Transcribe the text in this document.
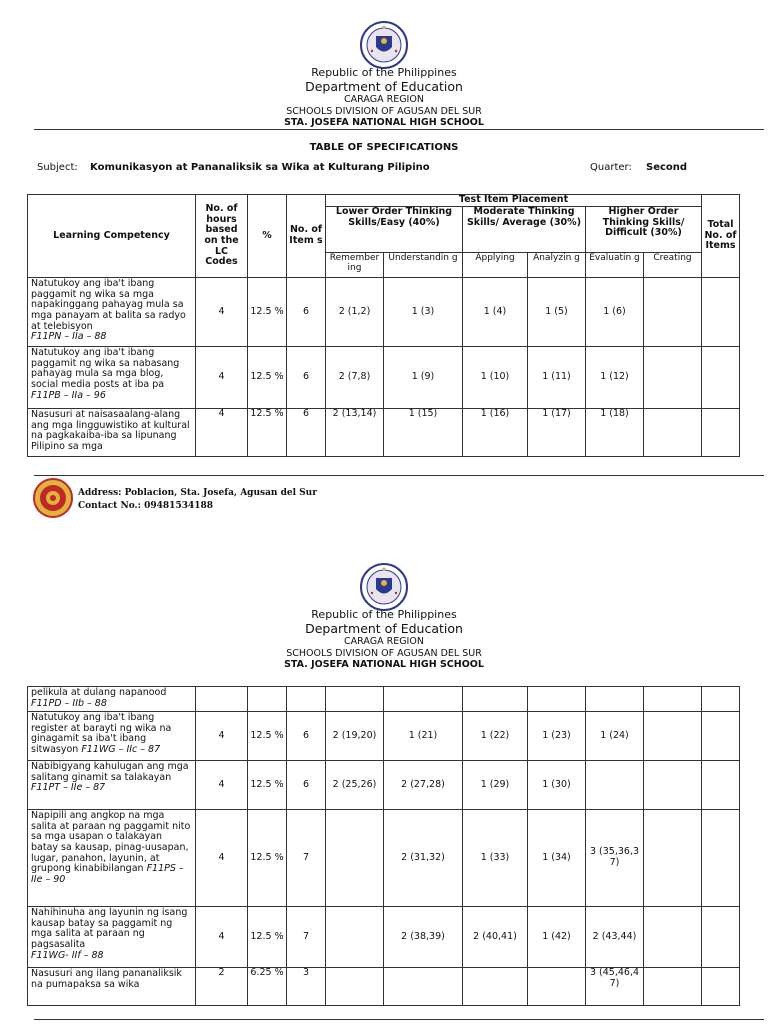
Republic of the Philippines
Department of Education
CARAGA REGION
SCHOOLS DIVISION OF AGUSAN DEL SUR
STA. JOSEFA NATIONAL HIGH SCHOOL
TABLE OF SPECIFICATIONS
Subject: Komunikasyon at Pananaliksik sa Wika at Kulturang Pilipino	Quarter: Second
Learning Competency	No. of hours based on the LC Codes	%	No. of Item s	Test Item Placement						Total No. of Items
				Lower Order Thinking Skills/Easy (40%)		Moderate Thinking Skills/ Average (30%)		Higher Order Thinking Skills/ Difficult (30%)		
				Remember ing	Understandin g	Applying	Analyzin g	Evaluatin g	Creating	
Natutukoy ang iba't ibang paggamit ng wika sa mga napakinggang pahayag mula sa mga panayam at balita sa radyo at telebisyon
F11PN – IIa – 88	4	12.5 %	6	2 (1,2)	1 (3)	1 (4)	1 (5)	1 (6)		
Natutukoy ang iba't ibang paggamit ng wika sa nabasang pahayag mula sa mga blog, social media posts at iba pa
F11PB – IIa – 96	4	12.5 %	6	2 (7,8)	1 (9)	1 (10)	1 (11)	1 (12)		
Nasusuri at naisasaalang-alang ang mga lingguwistiko at kultural na pagkakaiba-iba sa lipunang Pilipino sa mga	4	12.5 %	6	2 (13,14)	1 (15)	1 (16)	1 (17)	1 (18)		
Address: Poblacion, Sta. Josefa, Agusan del Sur
Contact No.: 09481534188
Republic of the Philippines
Department of Education
CARAGA REGION
SCHOOLS DIVISION OF AGUSAN DEL SUR
STA. JOSEFA NATIONAL HIGH SCHOOL
pelikula at dulang napanood
F11PD – IIb – 88										
Natutukoy ang iba't ibang register at barayti ng wika na ginagamit sa iba't ibang sitwasyon F11WG – IIc – 87	4	12.5 %	6	2 (19,20)	1 (21)	1 (22)	1 (23)	1 (24)		
Nabibigyang kahulugan ang mga salitang ginamit sa talakayan
F11PT – IIe – 87	4	12.5 %	6	2 (25,26)	2 (27,28)	1 (29)	1 (30)			
Napipili ang angkop na mga salita at paraan ng paggamit nito sa mga usapan o talakayan batay sa kausap, pinag-uusapan, lugar, panahon, layunin, at grupong kinabibilangan F11PS –IIe – 90	4	12.5 %	7		2 (31,32)	1 (33)	1 (34)	3 (35,36,3 7)		
Nahihinuha ang layunin ng isang kausap batay sa paggamit ng mga salita at paraan ng pagsasalita
F11WG- IIf – 88	4	12.5 %	7		2 (38,39)	2 (40,41)	1 (42)	2 (43,44)		
Nasusuri ang ilang pananaliksik na pumapaksa sa wika	2	6.25 %	3					3 (45,46,4 7)		
